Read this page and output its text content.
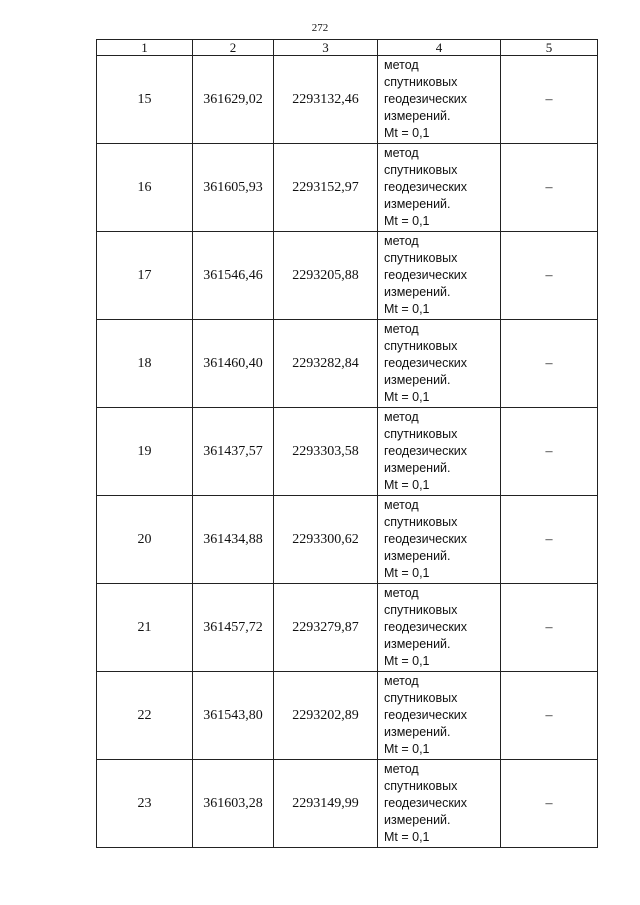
272
1	2	3	4	5
15	361629,02	2293132,46	метод
спутниковых
геодезических
измерений.
Mt = 0,1	–
16	361605,93	2293152,97	метод
спутниковых
геодезических
измерений.
Mt = 0,1	–
17	361546,46	2293205,88	метод
спутниковых
геодезических
измерений.
Mt = 0,1	–
18	361460,40	2293282,84	метод
спутниковых
геодезических
измерений.
Mt = 0,1	–
19	361437,57	2293303,58	метод
спутниковых
геодезических
измерений.
Mt = 0,1	–
20	361434,88	2293300,62	метод
спутниковых
геодезических
измерений.
Mt = 0,1	–
21	361457,72	2293279,87	метод
спутниковых
геодезических
измерений.
Mt = 0,1	–
22	361543,80	2293202,89	метод
спутниковых
геодезических
измерений.
Mt = 0,1	–
23	361603,28	2293149,99	метод
спутниковых
геодезических
измерений.
Mt = 0,1	–
